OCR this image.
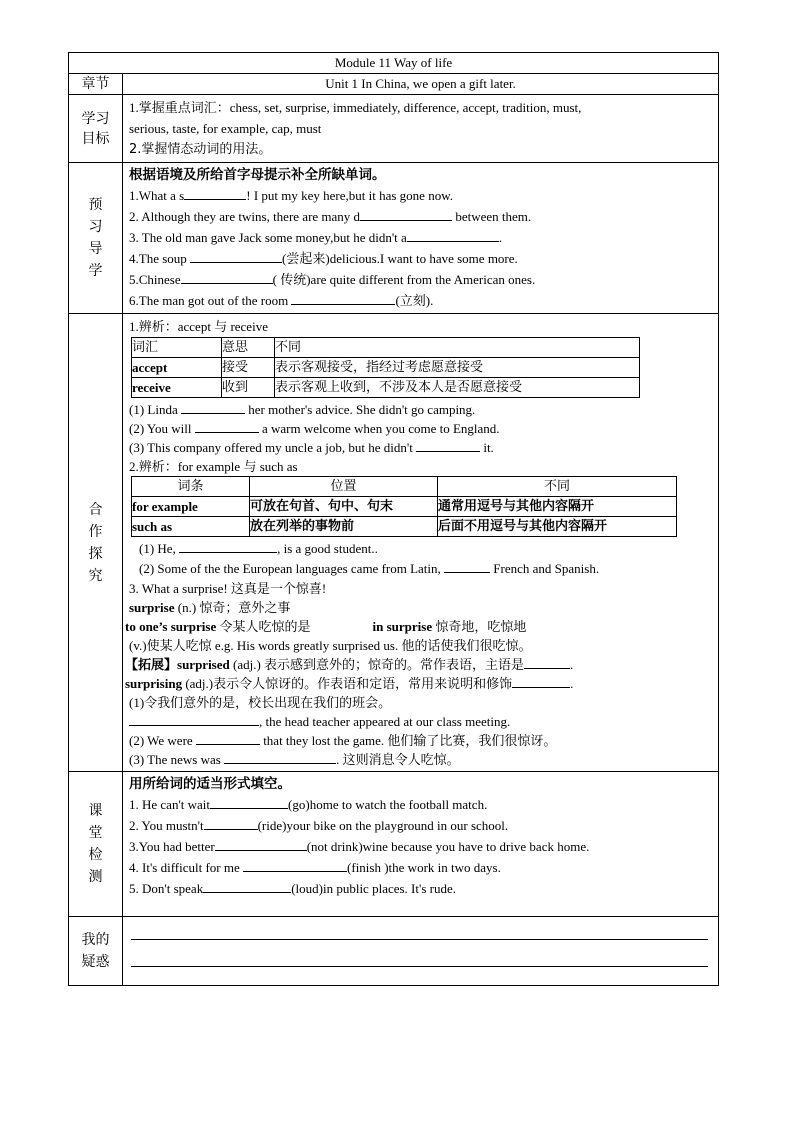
Module 11 Way of life
章节	Unit 1 In China, we open a gift later.
学习
目标	
1.掌握重点词汇：chess, set, surprise, immediately, difference, accept, tradition, must,
serious, taste, for example, cap, must
2.掌握情态动词的用法。

预
习
导
学	
根据语境及所给首字母提示补全所缺单词。
1.What a s	! I put my key here,but it has gone now.
2. Although they are twins, there are many d	between them.
3. The old man gave Jack some money,but he didn't a	.
4.The soup	(尝起来)delicious.I want to have some more.
5.Chinese	( 传统)are quite different from the American ones.
6.The man got out of the room	(立刻).

合
作
探
究	
1.辨析：accept 与 receive
词汇	意思	不同
accept	接受	表示客观接受，指经过考虑愿意接受
receive	收到	表示客观上收到，不涉及本人是否愿意接受
(1) Linda	her mother's advice. She didn't go camping.
(2) You will	a warm welcome when you come to England.
(3) This company offered my uncle a job, but he didn't	it.
2.辨析：for example 与 such as
词条	位置	不同
for example	可放在句首、句中、句末	通常用逗号与其他内容隔开
such as	放在列举的事物前	后面不用逗号与其他内容隔开
(1) He,	, is a good student..
(2) Some of the the European languages came from Latin,	French and Spanish.
3. What a surprise! 这真是一个惊喜!
surprise (n.) 惊奇；意外之事
to one’s surprise 令某人吃惊的是	in surprise 惊奇地，吃惊地
(v.)使某人吃惊 e.g. His words greatly surprised us. 他的话使我们很吃惊。
【拓展】surprised (adj.) 表示感到意外的；惊奇的。常作表语，主语是	.
surprising (adj.)表示令人惊讶的。作表语和定语，常用来说明和修饰	.
(1)令我们意外的是，校长出现在我们的班会。
, the head teacher appeared at our class meeting.
(2) We were	that they lost the game. 他们输了比赛，我们很惊讶。
(3) The news was	. 这则消息令人吃惊。

课
堂
检
测	
用所给词的适当形式填空。
1. He can't wait	(go)home to watch the football match.
2. You mustn't	(ride)your bike on the playground in our school.
3.You had better	(not drink)wine because you have to drive back home.
4. It's difficult for me	(finish )the work in two days.
5. Don't speak	(loud)in public places. It's rude.

我的
疑惑	
